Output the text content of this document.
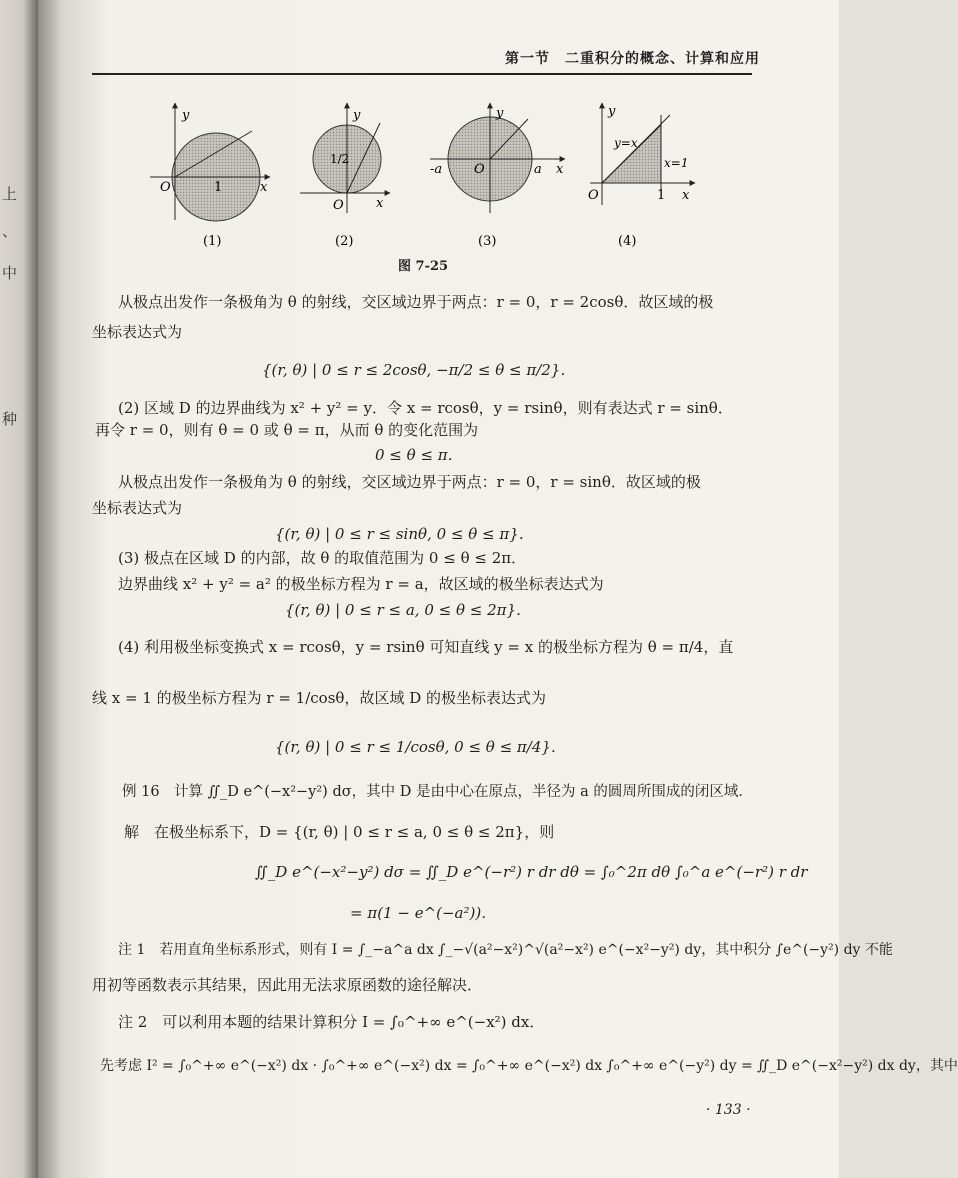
上
、
中
种
第一节　二重积分的概念、计算和应用
y
x
O	1
y
x
O
1/2
y
x
O
-a	a
y
x
O
y=x
x=1
1
(1)	(2)	(3)	(4)
图 7-25
从极点出发作一条极角为 θ 的射线，交区域边界于两点：r = 0，r = 2cosθ．故区域的极
坐标表达式为
{(r, θ) | 0 ≤ r ≤ 2cosθ, −π/2 ≤ θ ≤ π/2}．
(2) 区域 D 的边界曲线为 x² + y² = y．令 x = rcosθ，y = rsinθ，则有表达式 r = sinθ．
再令 r = 0，则有 θ = 0 或 θ = π，从而 θ 的变化范围为
0 ≤ θ ≤ π．
从极点出发作一条极角为 θ 的射线，交区域边界于两点：r = 0，r = sinθ．故区域的极
坐标表达式为
{(r, θ) | 0 ≤ r ≤ sinθ, 0 ≤ θ ≤ π}．
(3) 极点在区域 D 的内部，故 θ 的取值范围为 0 ≤ θ ≤ 2π．
边界曲线 x² + y² = a² 的极坐标方程为 r = a，故区域的极坐标表达式为
{(r, θ) | 0 ≤ r ≤ a, 0 ≤ θ ≤ 2π}．
(4) 利用极坐标变换式 x = rcosθ，y = rsinθ 可知直线 y = x 的极坐标方程为 θ = π/4，直
线 x = 1 的极坐标方程为 r = 1/cosθ，故区域 D 的极坐标表达式为
{(r, θ) | 0 ≤ r ≤ 1/cosθ, 0 ≤ θ ≤ π/4}．
例 16　计算 ∬_D e^(−x²−y²) dσ，其中 D 是由中心在原点，半径为 a 的圆周所围成的闭区域．
解　在极坐标系下，D = {(r, θ) | 0 ≤ r ≤ a, 0 ≤ θ ≤ 2π}，则
∬_D e^(−x²−y²) dσ = ∬_D e^(−r²) r dr dθ = ∫₀^2π dθ ∫₀^a e^(−r²) r dr
= π(1 − e^(−a²))．
注 1　若用直角坐标系形式，则有 I = ∫_−a^a dx ∫_−√(a²−x²)^√(a²−x²) e^(−x²−y²) dy，其中积分 ∫e^(−y²) dy 不能
用初等函数表示其结果，因此用无法求原函数的途径解决．
注 2　可以利用本题的结果计算积分 I = ∫₀^+∞ e^(−x²) dx．
先考虑 I² = ∫₀^+∞ e^(−x²) dx · ∫₀^+∞ e^(−x²) dx = ∫₀^+∞ e^(−x²) dx ∫₀^+∞ e^(−y²) dy = ∬_D e^(−x²−y²) dx dy，其中
· 133 ·
